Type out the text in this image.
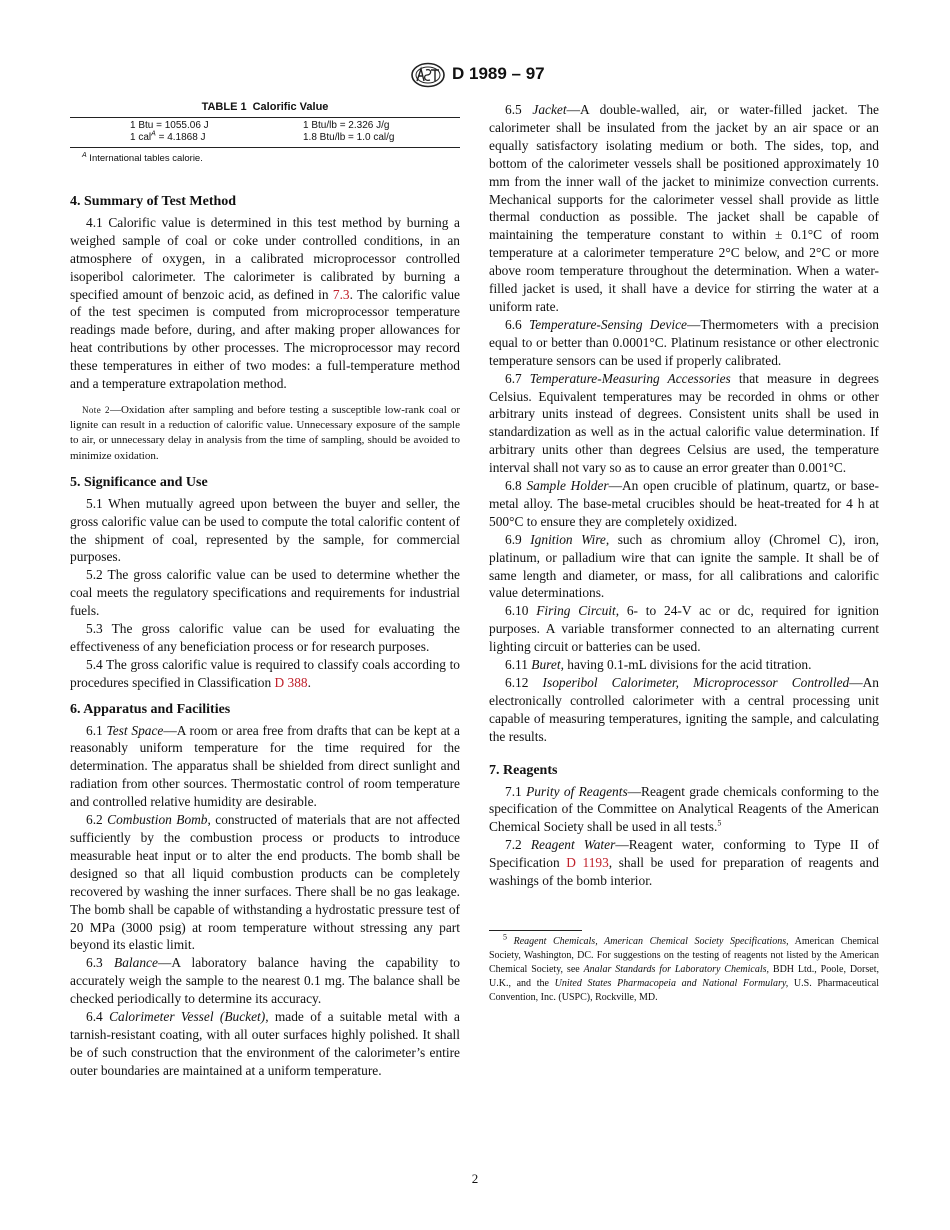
D 1989 – 97

TABLE 1 Calorific Value

1 Btu = 1055.06 J
1 cal$^A$ = 4.1868 J
1 Btu/lb = 2.326 J/g
1.8 Btu/lb = 1.0 cal/g

$^A$ International tables calorie.

4. Summary of Test Method

4.1 Calorific value is determined in this test method by burning a weighed sample of coal or coke under controlled conditions, in an atmosphere of oxygen, in a calibrated microprocessor controlled isoperibol calorimeter. The calorimeter is calibrated by burning a specified amount of benzoic acid, as defined in 7.3. The calorific value of the test specimen is computed from microprocessor temperature readings made before, during, and after making proper allowances for heat contributions by other processes. The microprocessor may record these temperatures in either of two modes: a full-temperature method and a temperature extrapolation method.

Note 2—Oxidation after sampling and before testing a susceptible low-rank coal or lignite can result in a reduction of calorific value. Unnecessary exposure of the sample to air, or unnecessary delay in analysis from the time of sampling, should be avoided to minimize oxidation.

5. Significance and Use

5.1 When mutually agreed upon between the buyer and seller, the gross calorific value can be used to compute the total calorific content of the shipment of coal, represented by the sample, for commercial purposes.

5.2 The gross calorific value can be used to determine whether the coal meets the regulatory specifications and requirements for industrial fuels.

5.3 The gross calorific value can be used for evaluating the effectiveness of any beneficiation process or for research purposes.

5.4 The gross calorific value is required to classify coals according to procedures specified in Classification D 388.

6. Apparatus and Facilities

6.1 Test Space—A room or area free from drafts that can be kept at a reasonably uniform temperature for the time required for the determination. The apparatus shall be shielded from direct sunlight and radiation from other sources. Thermostatic control of room temperature and controlled relative humidity are desirable.

6.2 Combustion Bomb, constructed of materials that are not affected sufficiently by the combustion process or products to introduce measurable heat input or to alter the end products. The bomb shall be designed so that all liquid combustion products can be completely recovered by washing the inner surfaces. There shall be no gas leakage. The bomb shall be capable of withstanding a hydrostatic pressure test of 20 MPa (3000 psig) at room temperature without stressing any part beyond its elastic limit.

6.3 Balance—A laboratory balance having the capability to accurately weigh the sample to the nearest 0.1 mg. The balance shall be checked periodically to determine its accuracy.

6.4 Calorimeter Vessel (Bucket), made of a suitable metal with a tarnish-resistant coating, with all outer surfaces highly polished. It shall be of such construction that the environment of the calorimeter’s entire outer boundaries are maintained at a uniform temperature.

6.5 Jacket—A double-walled, air, or water-filled jacket. The calorimeter shall be insulated from the jacket by an air space or an equally satisfactory isolating medium or both. The sides, top, and bottom of the calorimeter vessels shall be positioned approximately 10 mm from the inner wall of the jacket to minimize convection currents. Mechanical supports for the calorimeter vessel shall provide as little thermal conduction as possible. The jacket shall be capable of maintaining the temperature constant to within ± 0.1°C of room temperature at a calorimeter temperature 2°C below, and 2°C or more above room temperature throughout the determination. When a water-filled jacket is used, it shall have a device for stirring the water at a uniform rate.

6.6 Temperature-Sensing Device—Thermometers with a precision equal to or better than 0.0001°C. Platinum resistance or other electronic temperature sensors can be used if properly calibrated.

6.7 Temperature-Measuring Accessories that measure in degrees Celsius. Equivalent temperatures may be recorded in ohms or other arbitrary units instead of degrees. Consistent units shall be used in standardization as well as in the actual calorific value determination. If arbitrary units other than degrees Celsius are used, the temperature interval shall not vary so as to cause an error greater than 0.001°C.

6.8 Sample Holder—An open crucible of platinum, quartz, or base-metal alloy. The base-metal crucibles should be heat-treated for 4 h at 500°C to ensure they are completely oxidized.

6.9 Ignition Wire, such as chromium alloy (Chromel C), iron, platinum, or palladium wire that can ignite the sample. It shall be of same length and diameter, or mass, for all calibrations and calorific value determinations.

6.10 Firing Circuit, 6- to 24-V ac or dc, required for ignition purposes. A variable transformer connected to an alternating current lighting circuit or batteries can be used.

6.11 Buret, having 0.1-mL divisions for the acid titration.

6.12 Isoperibol Calorimeter, Microprocessor Controlled—An electronically controlled calorimeter with a central processing unit capable of measuring temperatures, igniting the sample, and calculating the results.

7. Reagents

7.1 Purity of Reagents—Reagent grade chemicals conforming to the specification of the Committee on Analytical Reagents of the American Chemical Society shall be used in all tests.$^5$

7.2 Reagent Water—Reagent water, conforming to Type II of Specification D 1193, shall be used for preparation of reagents and washings of the bomb interior.

$^5$ Reagent Chemicals, American Chemical Society Specifications, American Chemical Society, Washington, DC. For suggestions on the testing of reagents not listed by the American Chemical Society, see Analar Standards for Laboratory Chemicals, BDH Ltd., Poole, Dorset, U.K., and the United States Pharmacopeia and National Formulary, U.S. Pharmaceutical Convention, Inc. (USPC), Rockville, MD.

2
